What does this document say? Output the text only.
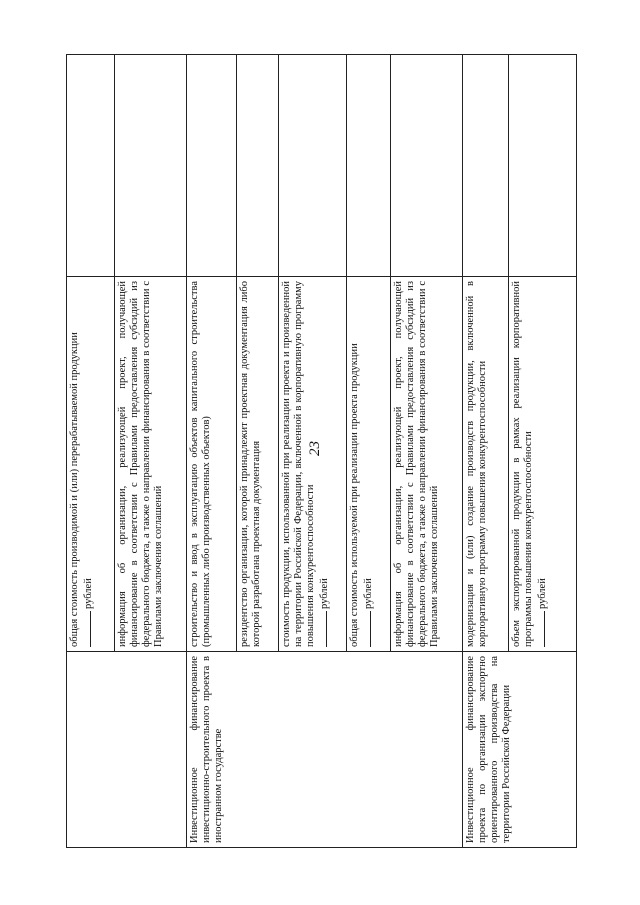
23
	общая стоимость производимой и (или) перерабатываемой продукции рублей	
	информация об организации, реализующей проект, получающей финансирование в соответствии с Правилами предоставления субсидий из федерального бюджета, а также о направлении финансирования в соответствии с Правилами заключения соглашений	
Инвестиционное финансирование инвестиционно-строительного проекта в иностранном государстве	строительство и ввод в эксплуатацию объектов капитального строительства (промышленных либо производственных объектов)	
	резидентство организации, которой принадлежит проектная документация либо которой разработана проектная документация	
	стоимость продукции, использованной при реализации проекта и произведенной на территории Российской Федерации, включенной в корпоративную программу повышения конкурентоспособности рублей	
	общая стоимость используемой при реализации проекта продукции рублей	
	информация об организации, реализующей проект, получающей финансирование в соответствии с Правилами предоставления субсидий из федерального бюджета, а также о направлении финансирования в соответствии с Правилами заключения соглашений	
Инвестиционное финансирование проекта по организации экспортно ориентированного производства на территории Российской Федерации	модернизация и (или) создание производств продукции, включенной в корпоративную программу повышения конкурентоспособности	
	объем экспортированной продукции в рамках реализации корпоративной программы повышения конкурентоспособности рублей	
